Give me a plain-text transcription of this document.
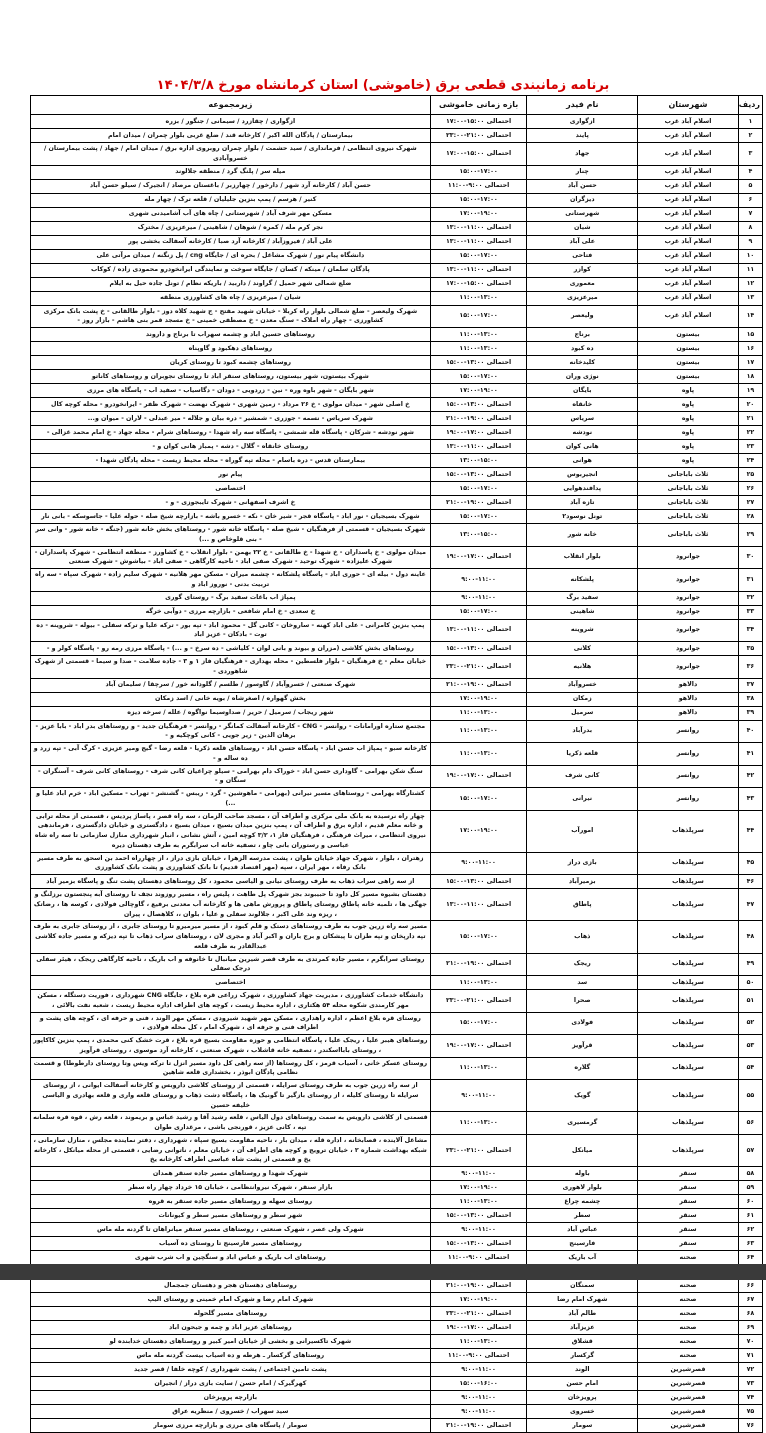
برنامه زمانبندی قطعی برق (خاموشی) استان کرمانشاه مورخ ۱۴۰۴/۳/۸
ردیف	شهرستان	نام فیدر	بازه زمانی خاموشی	زیرمجموعه
۱	اسلام آباد غرب	ازگواری	احتمالی ۱۵:۰۰-۱۷:۰۰	ازگواری / چقازرد / سیمانی / جنگور / بزره
۲	اسلام آباد غرب	پایند	احتمالی ۲۱:۰۰-۲۳:۰۰	بیمارستان / پادگان الله اکبر / کارخانه قند / ضلع غربی بلوار چمران / میدان امام
۳	اسلام آباد غرب	جهاد	احتمالی ۱۵:۰۰-۱۷:۰۰	شهرک نیروی انتظامی / فرمانداری / سید حشمت / بلوار چمران روبروی اداره برق / میدان امام / جهاد / پشت بیمارستان / خسروآبادی
۴	اسلام آباد غرب	چنار	۱۵:۰۰-۱۷:۰۰	میله سر / پلنگ گرد / منطقه جلالوند
۵	اسلام آباد غرب	حسن آباد	احتمالی ۹:۰۰-۱۱:۰۰	حسن آباد / کارخانه آرد شهر / دارخور / چهارزبر / باغستان مرصاد / انجیرک / سیلو حسن آباد
۶	اسلام آباد غرب	دیزگران	۱۵:۰۰-۱۷:۰۰	کنیر / هرسم / پمپ بنزین جلیلیان / قلعه ترک / چهار مله
۷	اسلام آباد غرب	شهرستانی	۱۷:۰۰-۱۹:۰۰	مسکن مهر شرف آباد / شهرستانی / چاه های آب آشامیدنی شهری
۸	اسلام آباد غرب	شیان	احتمالی ۱۱:۰۰-۱۳:۰۰	نجر کرم مله / کمره / شوهان / شاهینی / میرعزیزی / مخترک
۹	اسلام آباد غرب	علی آباد	احتمالی ۱۱:۰۰-۱۳:۰۰	علی آباد / فیروزآباد / کارخانه آرد صبا / کارخانه آسفالت بخشی پور
۱۰	اسلام آباد غرب	فتاحی	۱۵:۰۰-۱۷:۰۰	دانشگاه پیام نور / شهرک مشاغل / بحره ای / جایگاه cng / پل زنگنه / میدان مرآتی علی
۱۱	اسلام آباد غرب	کوازر	احتمالی ۱۱:۰۰-۱۳:۰۰	پادگان سلمان / مینکه / کسان / جایگاه سوخت و نمایندگی ایرانخودرو محمودی زاده / کوکاب
۱۲	اسلام آباد غرب	معموری	احتمالی ۱۵:۰۰-۱۷:۰۰	ضلع شمالی شهر حمیل / گراوند / داربید / باریکه نظام / تونل جاده حیل به ایلام
۱۳	اسلام آباد غرب	میرعزیزی	۱۱:۰۰-۱۳:۰۰	شیان / میرعزیزی / چاه های کشاورزی منطقه
۱۴	اسلام آباد غرب	ولیعصر	۱۵:۰۰-۱۷:۰۰	شهرک ولیعصر - ضلع شمالی بلوار راه کربلا - خیابان شهید مفتح - ج شهید کلاه دوز - بلوار طالقانی - خ پشت بانک مرکزی کشاورزی - چهار راه املاک - سنگ معدن - خ مصطفی خمینی - خ مسجد قمر بنی هاشم - بازار روز -
۱۵	بیستون	برناج	۱۱:۰۰-۱۳:۰۰	روستاهای حسین اباد و چشمه سهراب تا برناج و داروند
۱۶	بیستون	ده کبود	۱۱:۰۰-۱۳:۰۰	روستاهای دهکبود و گاوپناه
۱۷	بیستون	کلیدخانه	احتمالی ۱۳:۰۰-۱۵:۰۰	روستاهای چشمه کبود تا روستای کریان
۱۸	بیستون	نوژی وران	۱۵:۰۰-۱۷:۰۰	شهرک بیستون، شهر بیستون، روستاهای سنقر اباد تا روستای نجوبران و روستاهای کاناتو
۱۹	پاوه	بایگان	۱۷:۰۰-۱۹:۰۰	شهر بایگان - شهر باوه وره - نین - زردویی - دودان - دگاسیاب - سفید اب - پاسگاه های مرزی
۲۰	پاوه	خانقاه	احتمالی ۱۳:۰۰-۱۵:۰۰	خ اصلی شهر - میدان مولوی - خ ۲۶ مرداد - زمین شهری - شهرک نهضت - شهرک ظفر - ایرانخودرو - محله کوچه کال
۲۱	پاوه	سریاس	احتمالی ۱۹:۰۰-۲۱:۰۰	شهرک سریاس - نسمه - جوزری - شمشیر - دره بیان و جلاله - میر عبدلی - لاران - میوان و...
۲۲	پاوه	نودشه	احتمالی ۱۷:۰۰-۱۹:۰۰	شهر نودشه - شرکان - پاسگاه قله شمشی - پاسگاه سه راه شهدا - روستاهای شرام - محله جهاد - خ امام محمد غزالی -
۲۳	پاوه	هانی کوان	احتمالی ۱۱:۰۰-۱۳:۰۰	روستای خانقاه - گلال - دشه - پمباز هانی کوان و -
۲۴	پاوه	هوانی	۱۳:۰۰-۱۵:۰۰	بیمارستان قدس - دره باسام - محله تپه گوراه - محله محیط زیست - محله پادگان شهدا -
۲۵	ثلاث باباجانی	انجیربوس	احتمالی ۱۳:۰۰-۱۵:۰۰	پیام نور
۲۶	ثلاث باباجانی	پدافندهوایی	۱۵:۰۰-۱۷:۰۰	اختصاصی
۲۷	ثلاث باباجانی	تازه آباد	احتمالی ۱۹:۰۰-۲۱:۰۰	خ اشرف اصفهانی - شهرک تایبجوزی - و -
۲۸	ثلاث باباجانی	تونل نوسود۲	۱۵:۰۰-۱۷:۰۰	شهرک بسیجیان - نور اباد - پاسگاه قجر - شیر خان - نکه - خسرو باشه - بازارچه شیخ صله - حوله علیا - جاسوسکه - بانی نار
۲۹	ثلاث باباجانی	خانه شور	۱۳:۰۰-۱۵:۰۰	شهرک بسیجیان - قسمتی از فرهنگیان - شیخ صله - پاسگاه خانه شور - روستاهای بخش خانه شور (جنگه - خانه شور - وانی سر - بنی قلوخاص و ...)
۳۰	جوانرود	بلوار انقلاب	احتمالی ۱۷:۰۰-۱۹:۰۰	میدان مولوی - خ پاسداران - خ شهدا - خ طالقانی - خ ۲۲ بهمن - بلوار انقلاب - خ کشاورز - منطقه انتظامی - شهرک پاسداران - شهرک علیزاده - شهرک توحید - شهرک صفی اباد - ناحیه کارگاهی - صفی اباد - بیاشوش - شهرک صنعتی
۳۱	جوانرود	پلشکانه	۹:۰۰-۱۱:۰۰	عاینه دول - بیله ای - حوری اباد - پاسگاه پلشکانه - چشمه میران - مسکن مهر هلانیه - شهرک سلیم زاده - شهرک سپاه - سه راه تربیت بدنی - نوروز اباد و
۳۲	جوانرود	سفید برگ	۹:۰۰-۱۱:۰۰	پمپاژ اب باغات سفید برگ - روستای گوری
۳۳	جوانرود	شاهینی	۱۵:۰۰-۱۷:۰۰	خ سعدی - خ امام شافعی - بازارچه مرزی - دوآبی خرگه
۳۴	جوانرود	شروینه	احتمالی ۱۱:۰۰-۱۳:۰۰	پمپ بنزین کامرانی - علی اباد کهنه - ساروخان - کانی گل - محمود اباد - تپه بور - ترکه علیا و ترکه سفلی - بیوله - شروینه - ده توت - بادکان - عزیز اباد
۳۵	جوانرود	کلانی	احتمالی ۱۳:۰۰-۱۵:۰۰	روستاهای بخش کلاشی (مزران و بیوند و بانی لوان - کلیاشی - ده سرخ - و ...) - پاسگاه مرزی رمه رو - پاسگاه کولر و -
۳۶	جوانرود	هلانیه	احتمالی ۲۱:۰۰-۲۳:۰۰	خیابان معلم - خ فرهنگیان - بلوار فلسطین - محله بهداری - فرهنگیان فاز ۱ و ۳ - جاده سلامت - صدا و سیما - قسمتی از شهرک شاهوردی -
۳۷	دالاهو	خسروآباد	احتمالی ۱۹:۰۰-۲۱:۰۰	شهرک صنعتی / خسروآباد / گاوسور / طلسم / گلودانه خور / سرچقا / سلیمان آباد
۳۸	دالاهو	زمکان	۱۷:۰۰-۱۹:۰۰	بخش گهواره / اصغرشاه / بویه خانی / اسد زمکان
۳۹	دالاهو	سرمیل	۱۱:۰۰-۱۳:۰۰	شهر ریجاب / سرمیل / حریر / صداوسیما نواگوه / علله / سرخه دیزه
۴۰	روانسر	بدرآباد	۱۱:۰۰-۱۳:۰۰	مجتمع ستاره اورامانات - روانسر - CNG - کارخانه آسفالت کمانگر - روانسر - فرهنگیان جدید - و روستاهای بدر اباد - بابا عزیز - برهان الدین - زیر جویی - کانی کوچکیه و -
۴۱	روانسر	قلعه ذکریا	۱۱:۰۰-۱۳:۰۰	کارخانه سبو - پمپاژ اب حسن اباد - پاسگاه حسن اباد - روستاهای قلعه ذکریا - قلعه رضا - گیج ومیر عزیزی - کرگ آبی - تپه زرد و ده ساله و -
۴۲	روانسر	کانی شرف	احتمالی ۱۷:۰۰-۱۹:۰۰	سنگ شکن بهرامی - گاوداری حسن اباد - خوراک دام بهرامی - سیلو چراغیان کانی شرف - روستاهای کانی شرف - آسنگران - سنگان و -
۴۳	روانسر	نیرانی	۱۵:۰۰-۱۷:۰۰	کشتارگاه بهرامی - روستاهای مسیر نیرانی (بهرامی - ماهوشین - گرد - ریبس - گشنشر - تهراب - مسکین اباد - خرم اباد علیا و ...)
۴۴	سرپلذهاب	امورآب	۱۷:۰۰-۱۹:۰۰	چهار راه نرسیده به بانک ملی مرکزی و اطراف آن ، مسجد صاحب الزمان ، سه راه قصر ، پاساژ پردیس ، قسمتی از محله ترابی و خانه معلم قدیم ، اداره برق و اطراف آن ، پمپ بنزین میدان بسیج ، میدان بسیج ، دادگستری و خیابان دادگستری ، فرماندهی نیروی انتظامی ، میراث فرهنگی ، فرهنگیان فاز ۱، ۳/۲ کوچه امین ، آتش نشانی ، انبار شهرداری منازل سازمانی تا سه راه شاه عباسی و رستوران بانی چاو ، تصفیه خانه اب سرابگرم به طرف دهستان دیره
۴۵	سرپلذهاب	بازی دراز	۹:۰۰-۱۱:۰۰	زهتران ، بلوار ، شهرک جهاد خیابان طوان ، پشت مدرسه الزهرا ، خیابان بازی دراز ، از چهارراه احمد بن اسحق به طرف مسیر بانک رفاه ، مهر ایران ، سپه (مهر اقتصاد قدیم) تا بانک کشاورزی و پشت بانک کشاورزی
۴۶	سرپلذهاب	بزمیرآباد	احتمالی ۱۳:۰۰-۱۵:۰۰	از سه راهی سراب ذهاب به طرف روستای نیانی و الیاسی محمود ، کل روستاهای دهستان پشت تنگ و پاسگاه بزمیر آباد
۴۷	سرپلذهاب	پاطاق	احتمالی ۱۱:۰۰-۱۳:۰۰	دهستان بشیوه مسیر کل داود تا حبیبوند بجز شهرک پل طاهت ، پلیس راه ، مسیر روزوند نجف تا روستای آبه پنجستون برزلنگ و جهگی ها ، تلمبه خانه پاطاق روستای پاطاق و پرورش ماهی ها و کارخانه آب معدنی برفیع ، گاوچالی فولادی ، کوسه ها ، رضاتک ، ریزه وند علی اکبر ، جلالوند سفلی و علیا ، بلوان ،، کلاهصال ، پیران
۴۸	سرپلذهاب	ذهاب	۱۵:۰۰-۱۷:۰۰	مسیر سه راه زرین جوب به طرف روستاهای دستک و قلم کبود ، از مسیر میرمیرو تا روستای جابری ، از روستای جابری به طرف تپه دارپخان و تپه طزان تا پیشکان و برج باران و اکبر آباد و مجری لان ، روستاهای سراب ذهاب تا تپه دیزکه و مسیر جاده کلاشی عبدالقادر به طرف قلعه
۴۹	سرپلذهاب	ریجک	احتمالی ۱۹:۰۰-۲۱:۰۰	روستای سرابگرم ، مسیر جاده کمرتدی به طرف قصر شیرین میانبال تا خانوقه و اب باریک ، ناحیه کارگاهی ریجک ، هیئر سفلی درجک سفلی
۵۰	سرپلذهاب	سد	۱۱:۰۰-۱۳:۰۰	اختصاصی
۵۱	سرپلذهاب	صحرا	احتمالی ۲۱:۰۰-۲۳:۰۰	دانشگاه خدمات کشاورزی ، مدیریت جهاد کشاورزی ، شهرک زراعی قره بلاغ ، جایگاه CNG شهرداری ، فوریت دستگله ، مسکن مهر کارمندی شکوه محله ۵۴ هکتاری ، اداره محیط زیست ، کوچه های اطراف اداره محیط زیست ، شعبه نفت بالائی ،
۵۲	سرپلذهاب	فولادی	۱۵:۰۰-۱۷:۰۰	روستای قره بلاغ اعظم ، اداره راهداری ، مسکن مهر شهید شیرودی ، مسکن مهر الوند ، فنی و حرفه ای ، کوچه های پشت و اطراف فنی و حرفه ای ، شهرک امام ، کل محله فولادی ،
۵۳	سرپلذهاب	قرآویز	احتمالی ۱۷:۰۰-۱۹:۰۰	روستاهای هیبر علیا ، ریجک علیا ، پاسگاه انتظامی و حوزه مقاومت بسیج قره بلاغ ، قرت خشک کنی محمدی ، پمپ بنزین کاکاپور ، روستای بابااسکندر ، تصفیه خانه قاشلاب ، شهرک صنعتی ، کارخانه آرد موسوی ، روستای قرآویز
۵۴	سرپلذهاب	گلاره	۱۱:۰۰-۱۳:۰۰	روستای عسکر خانی ، آسیاب قرمز ، کل روستاها (از سه راهی کل داود مسیر انزل تا ترکه ویس وتا روستای دارطوطا) و قسمت نظامی پادگان ابوذر ، بخشداری قلعه شاهین
۵۵	سرپلذهاب	گویک	۹:۰۰-۱۱:۰۰	از سه راه زرین جوب به طرف روستای سرایله ، قسمتی از روستای کلاشی داروبس و کارخانه آسفالت ایوانی ، از روستای سرایله تا روستای کلیله ، از روستای بازگیر تا گونیک ها ، پاسگاه دشت ذهاب و روستای قلعه واری و قلعه بهادری و الیاسی خلیفه حسین
۵۶	سرپلذهاب	گرمسیری	۱۱:۰۰-۱۳:۰۰	قسمتی از کلاشی دارویس به سمت روستاهای دول الیاس ، قلعه رشید آقا و رشید عباس و بریموند ، قلعه رش ، قوه قره سلمانه تپه ، کانی عزیز ، قورنجی باشی ، مرغداری طوان
۵۷	سرپلذهاب	میانکل	احتمالی ۲۱:۰۰-۲۳:۰۰	مشاغل آلاینده ، قصابخانه ، اداره قله ، میدان بار ، ناحیه مقاومت بسیج سپاه ، شهرداری ، دفتر نماینده مجلس ، منازل سازمانی ، شبکه بهداشت شماره ۲ ، خیابان ترویج و کوچه های اطراف آن ، خیابان معلم ، ناتوانی رضایی ، قسمتی از محله میانکل ، کارخانه یخ و قسمتی از پشت شاه عباسی اطراف کارخانه یخ
۵۸	سنقر	باوله	۹:۰۰-۱۱:۰۰	شهرک شهدا و روستاهای مسیر جاده سنقر همدان
۵۹	سنقر	بلوار لاهوری	۱۷:۰۰-۱۹:۰۰	بازار سنقر ، شهرک نیروانتظامی ، خیابان ۱۵ خرداد چهار راه سطر
۶۰	سنقر	چشمه چراغ	۱۱:۰۰-۱۳:۰۰	روستای سهله و روستاهای مسیر جاده سنقر به قروه
۶۱	سنقر	سطر	احتمالی ۱۳:۰۰-۱۵:۰۰	شهر سطر و روستاهای مسیر سطر و کیونانات
۶۲	سنقر	عباس آباد	۹:۰۰-۱۱:۰۰	شهرک ولی عصر ، شهرک صنعتی ، روستاهای مسیر سنقر میانراهان تا گردنه مله ماس
۶۳	سنقر	فارسینج	احتمالی ۱۳:۰۰-۱۵:۰۰	روستاهای مسیر فارسینج تا روستای ده آسیاب
۶۴	صحنه	آب باریک	احتمالی ۹:۰۰-۱۱:۰۰	روستاهای اب باریک و عباس اباد و سنگچین و اب شرب شهری

۶۶	صحنه	سمنگان	احتمالی ۱۹:۰۰-۲۱:۰۰	روستاهای دهستان هجر و دهستان جمجمال
۶۷	صحنه	شهرک امام رضا	۱۷:۰۰-۱۹:۰۰	شهرک امام رضا و شهرک امام خمینی و روستای الیپ
۶۸	صحنه	طالم آباد	احتمالی ۲۱:۰۰-۲۳:۰۰	روستاهای مسیر گلحوله
۶۹	صحنه	عزیزآباد	احتمالی ۱۷:۰۰-۱۹:۰۰	روستاهای عزیز اباد و چمه و جیحون اباد
۷۰	صحنه	قشلاق	۱۱:۰۰-۱۳:۰۰	شهرک تاکسیرانی و بخشی از خیابان امیر کبیر و روستاهای دهستان خدابنده لو
۷۱	صحنه	گرکسار	احتمالی ۹:۰۰-۱۱:۰۰	روستاهای گرکسار ـ هرطه و ده اسیاب بیست گردنه مله ماس
۷۲	قصرشیرین	الوند	۹:۰۰-۱۱:۰۰	پشت تامین اجتماعی / پشت شهرداری / کوچه خلفا / قصر جدید
۷۳	قصرشیرین	امام حسن	۱۵:۰۰-۱۶:۰۰	کهرگیرک / امام حسن / سایت بازی دراز / انجیران
۷۴	قصرشیرین	پرویزخان	۹:۰۰-۱۱:۰۰	بازارچه پرویزخان
۷۵	قصرشیرین	خسروی	۹:۰۰-۱۱:۰۰	سید سهراب / خسروی / منظریه عراق
۷۶	قصرشیرین	سومار	احتمالی ۱۹:۰۰-۲۱:۰۰	سومار / پاسگاه های مرزی و بازارچه مرزی سومار
